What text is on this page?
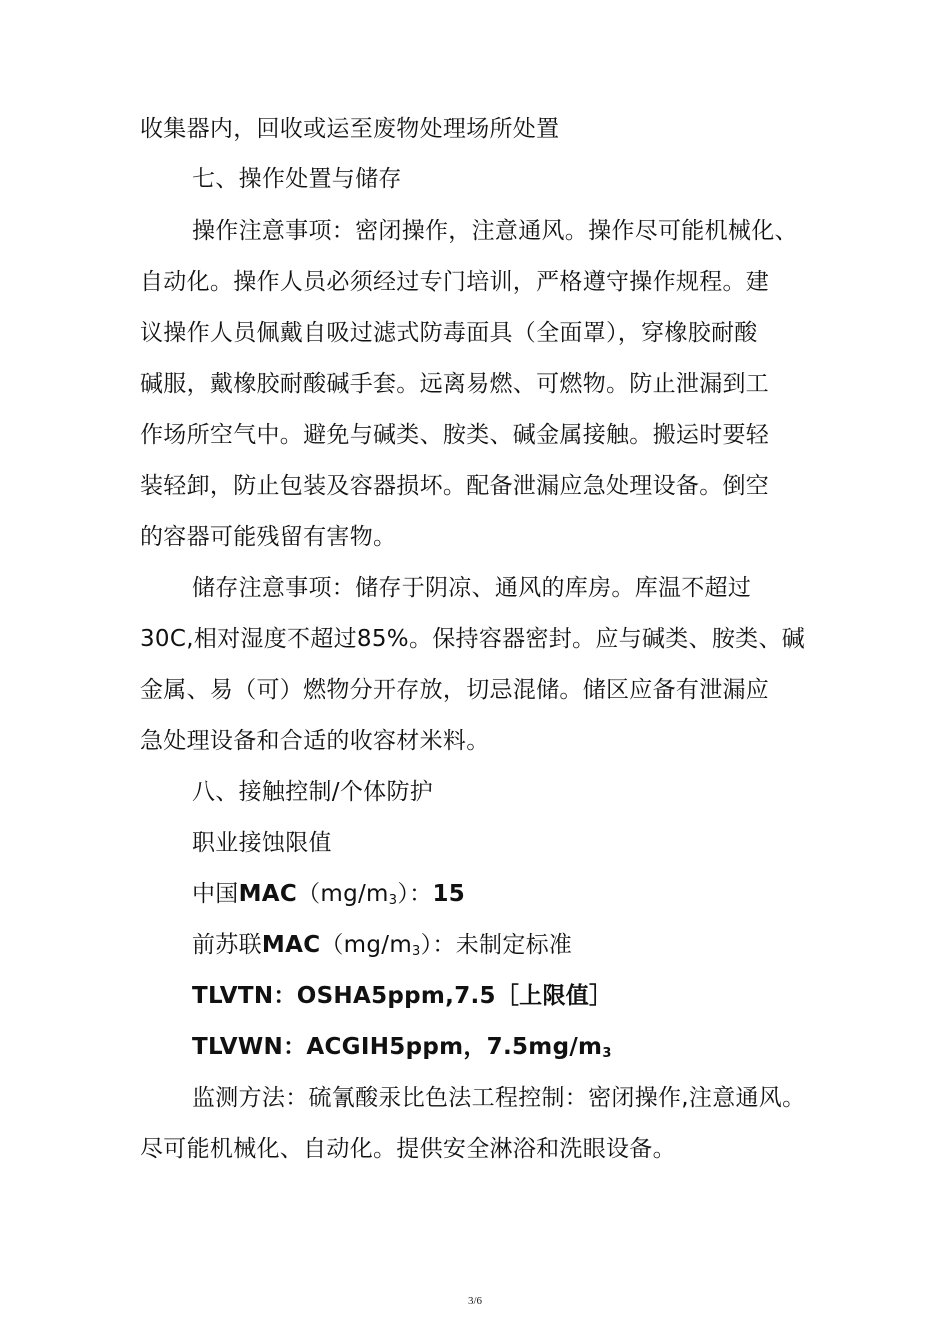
收集器内，回收或运至废物处理场所处置
七、操作处置与储存
操作注意事项：密闭操作，注意通风。操作尽可能机械化、
自动化。操作人员必须经过专门培训，严格遵守操作规程。建
议操作人员佩戴自吸过滤式防毒面具（全面罩），穿橡胶耐酸
碱服，戴橡胶耐酸碱手套。远离易燃、可燃物。防止泄漏到工
作场所空气中。避免与碱类、胺类、碱金属接触。搬运时要轻
装轻卸，防止包装及容器损坏。配备泄漏应急处理设备。倒空
的容器可能残留有害物。
储存注意事项：储存于阴凉、通风的库房。库温不超过
30C,相对湿度不超过85%。保持容器密封。应与碱类、胺类、碱
金属、易（可）燃物分开存放，切忌混储。储区应备有泄漏应
急处理设备和合适的收容材米料。
八、接触控制/个体防护
职业接蚀限值
中国$MAC(mg/m_3)$：15
前苏联$MAC(mg/m_3)$：未制定标准
TLVTN：OSHA5ppm,7.5［上限值］
TLVWN：ACGIH5ppm，$7.5mg/m_3$
监测方法：硫氰酸汞比色法工程控制：密闭操作,注意通风。
尽可能机械化、自动化。提供安全淋浴和洗眼设备。
3/6
